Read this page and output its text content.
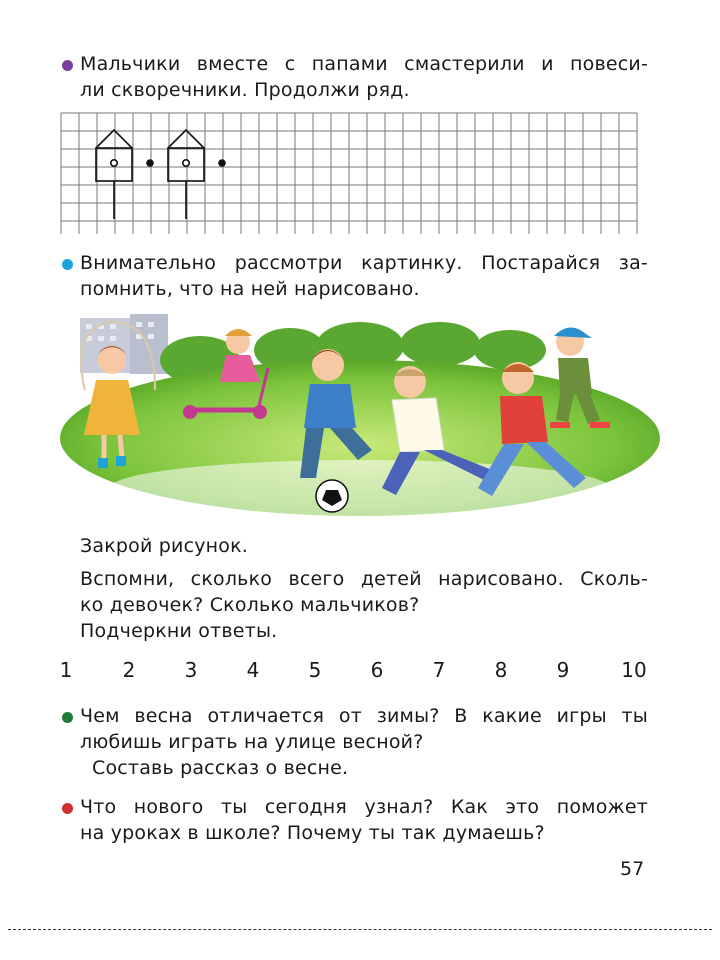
Мальчики вместе с папами смастерили и повеси-
ли скворечники. Продолжи ряд.
Внимательно рассмотри картинку. Постарайся за-
помнить, что на ней нарисовано.
Закрой рисунок.
Вспомни, сколько всего детей нарисовано. Сколь-
ко девочек? Сколько мальчиков?
Подчеркни ответы.
1	2 3 4 5 6 7 8 9	10
Чем весна отличается от зимы? В какие игры ты
любишь играть на улице весной?
Составь рассказ о весне.
Что нового ты сегодня узнал? Как это поможет
на уроках в школе? Почему ты так думаешь?
57
